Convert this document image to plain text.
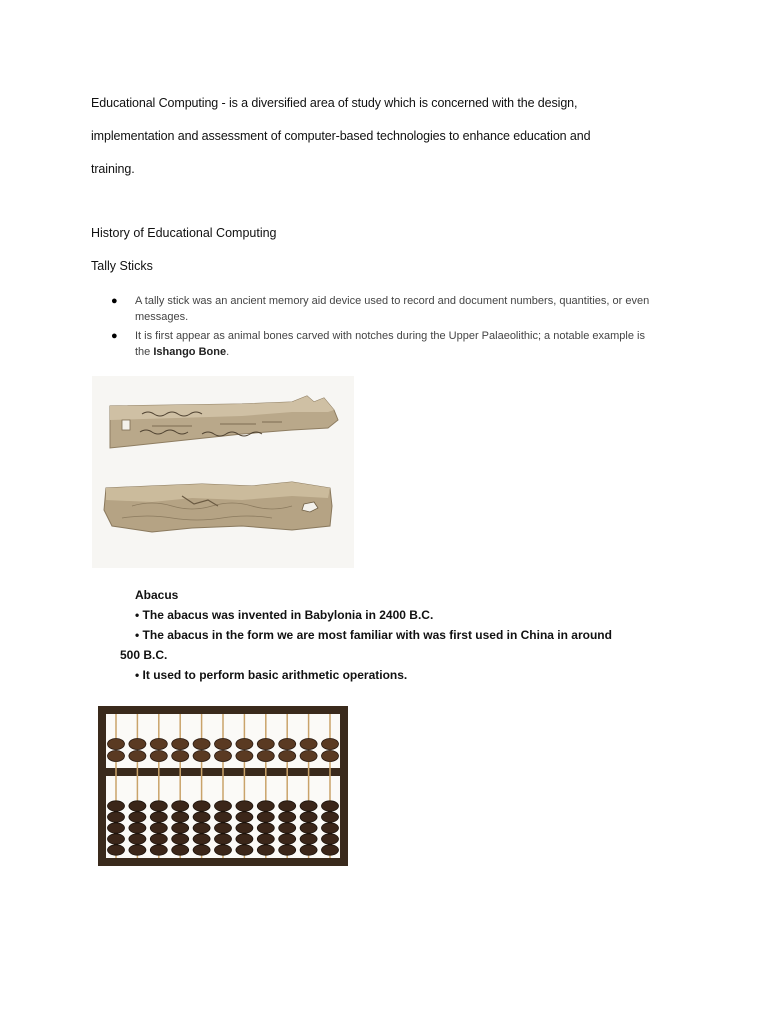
Educational Computing - is a diversified area of study which is concerned with the design,
implementation and assessment of computer-based technologies to enhance education and
training.
History of Educational Computing
Tally Sticks
● A tally stick was an ancient memory aid device used to record and document numbers, quantities, or even
messages.
● It is first appear as animal bones carved with notches during the Upper Palaeolithic; a notable example is
the Ishango Bone.
Abacus
• The abacus was invented in Babylonia in 2400 B.C.
• The abacus in the form we are most familiar with was first used in China in around
500 B.C.
• It used to perform basic arithmetic operations.
